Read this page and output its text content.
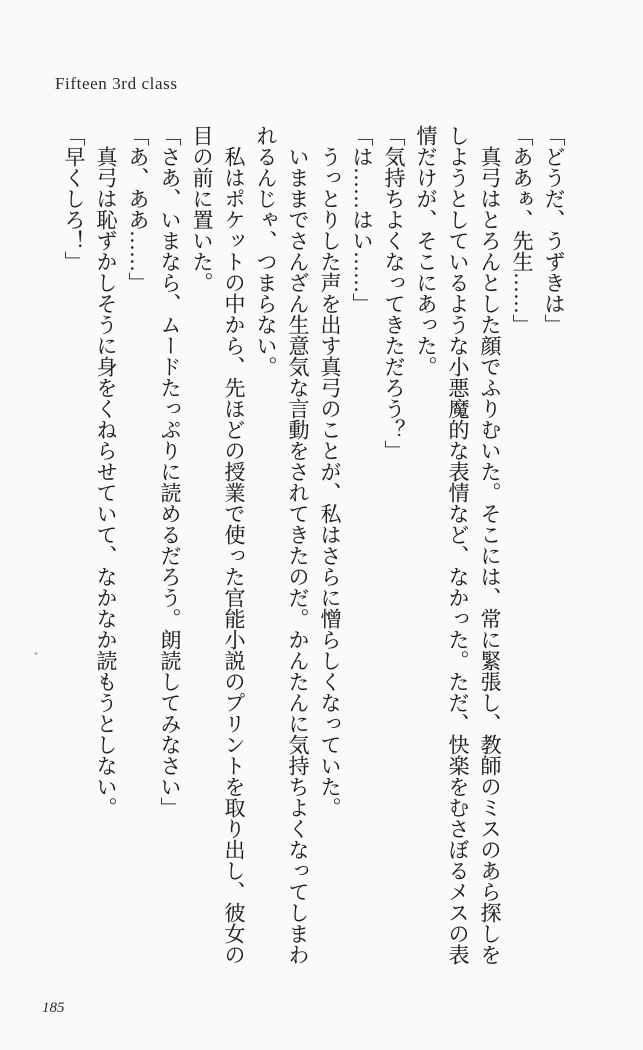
Fifteen 3rd class

「どうだ、うずきは」

「ああぁ、先生……」

真弓はとろんとした顔でふりむいた。そこには、常に緊張し、教師のミスのあら探しを

しようとしているような小悪魔的な表情など、なかった。ただ、快楽をむさぼるメスの表

情だけが、そこにあった。

「気持ちよくなってきただろう？」

「は……はい……」

うっとりした声を出す真弓のことが、私はさらに憎らしくなっていた。

いままでさんざん生意気な言動をされてきたのだ。かんたんに気持ちよくなってしまわ

れるんじゃ、つまらない。

私はポケットの中から、先ほどの授業で使った官能小説のプリントを取り出し、彼女の

目の前に置いた。

「さあ、いまなら、ムードたっぷりに読めるだろう。朗読してみなさい」

「あ、ああ……」

真弓は恥ずかしそうに身をくねらせていて、なかなか読もうとしない。

「早くしろ！」

185
